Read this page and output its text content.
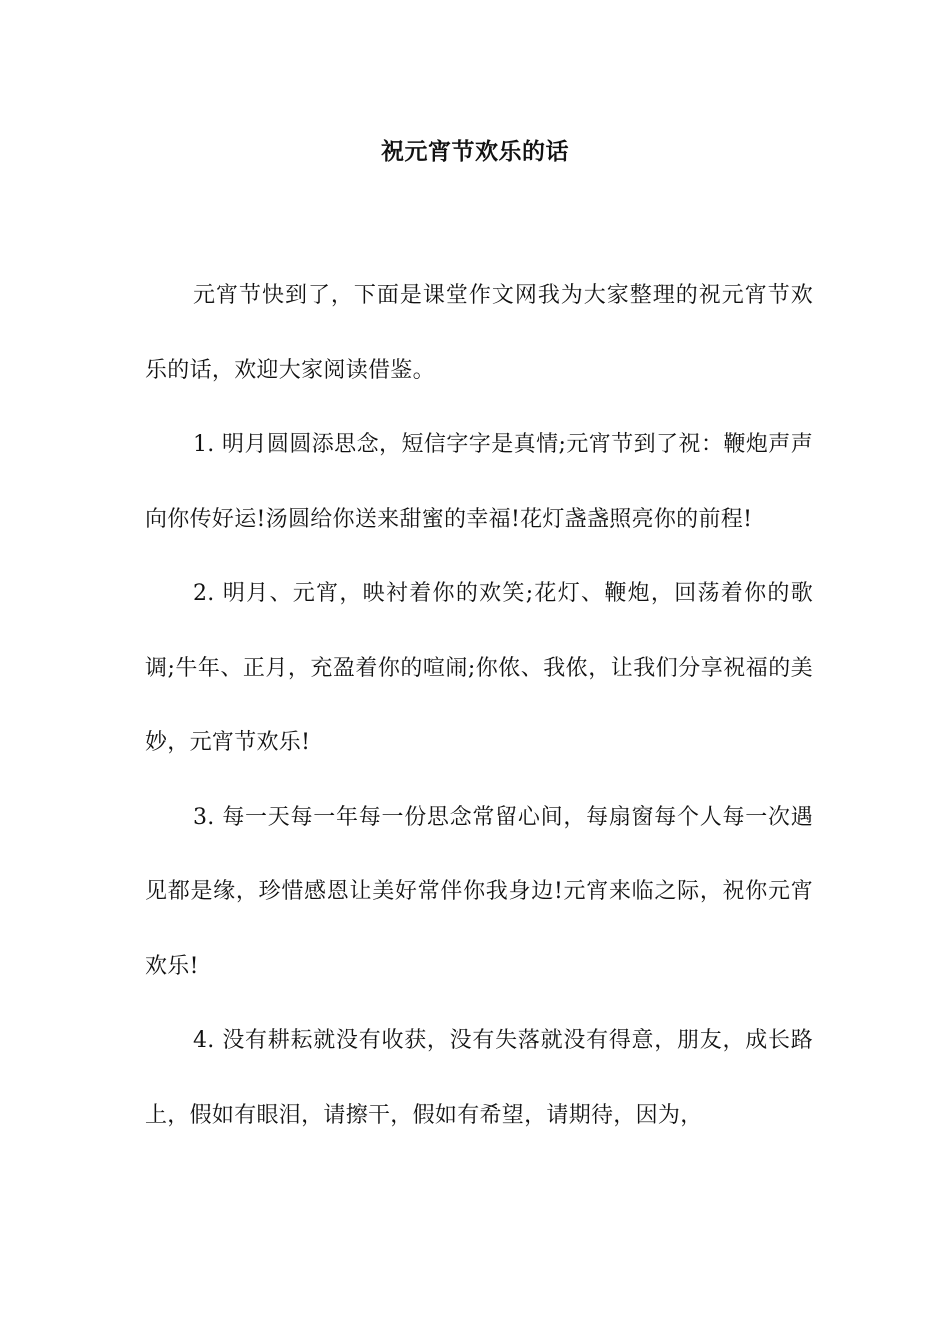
祝元宵节欢乐的话

元宵节快到了，下面是课堂作文网我为大家整理的祝元宵节欢乐的话，欢迎大家阅读借鉴。

1. 明月圆圆添思念，短信字字是真情;元宵节到了祝：鞭炮声声向你传好运!汤圆给你送来甜蜜的幸福!花灯盏盏照亮你的前程!

2. 明月、元宵，映衬着你的欢笑;花灯、鞭炮，回荡着你的歌调;牛年、正月，充盈着你的喧闹;你侬、我侬，让我们分享祝福的美妙，元宵节欢乐!

3. 每一天每一年每一份思念常留心间，每扇窗每个人每一次遇见都是缘，珍惜感恩让美好常伴你我身边!元宵来临之际，祝你元宵欢乐!

4. 没有耕耘就没有收获，没有失落就没有得意，朋友，成长路上，假如有眼泪，请擦干，假如有希望，请期待，因为，
